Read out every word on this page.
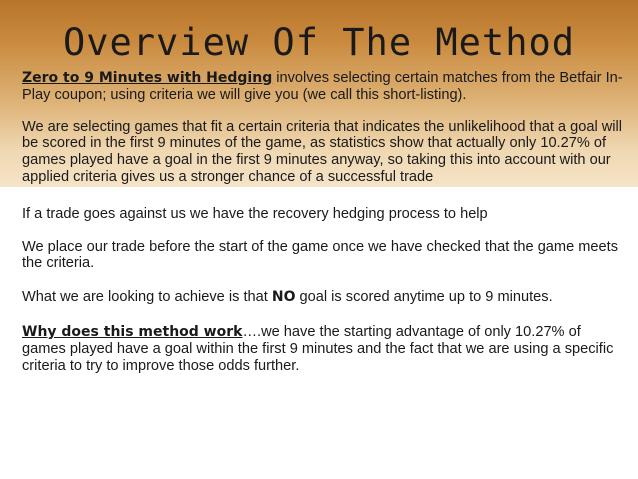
Overview Of The Method

Zero to 9 Minutes with Hedging involves selecting certain matches from the Betfair In-Play coupon; using criteria we will give you (we call this short-listing).

We are selecting games that fit a certain criteria that indicates the unlikelihood that a goal will be scored in the first 9 minutes of the game, as statistics show that actually only 10.27% of games played have a goal in the first 9 minutes anyway, so taking this into account with our applied criteria gives us a stronger chance of a successful trade

If a trade goes against us we have the recovery hedging process to help

We place our trade before the start of the game once we have checked that the game meets the criteria.

What we are looking to achieve is that NO goal is scored anytime up to 9 minutes.

Why does this method work….we have the starting advantage of only 10.27% of games played have a goal within the first 9 minutes and the fact that we are using a specific criteria to try to improve those odds further.
